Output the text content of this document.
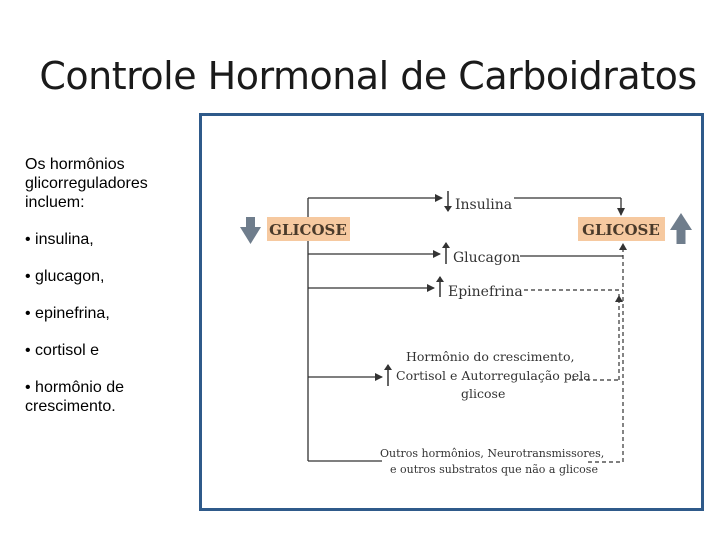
Controle Hormonal de Carboidratos
Os hormônios glicorreguladores incluem:
• insulina,
• glucagon,
• epinefrina,
• cortisol e
• hormônio de crescimento.
GLICOSE	GLICOSE
Insulina
Glucagon
Epinefrina
Hormônio do crescimento,
Cortisol e Autorregulação pela
glicose
Outros hormônios, Neurotransmissores,
e outros substratos que não a glicose
